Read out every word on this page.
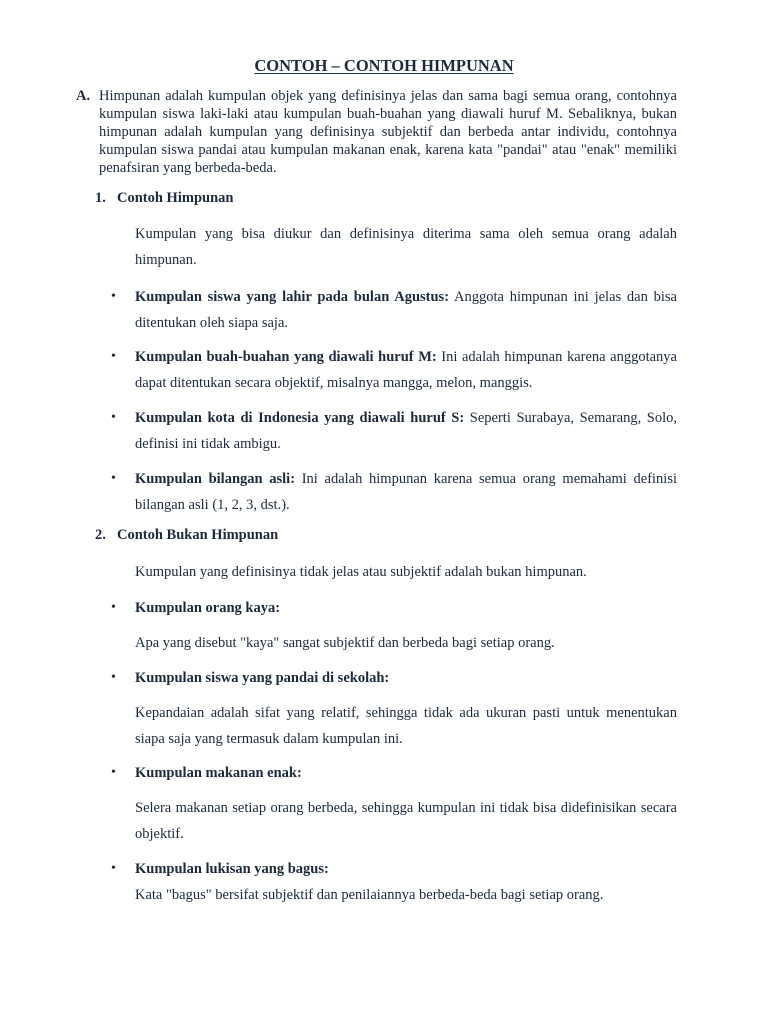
CONTOH – CONTOH HIMPUNAN
A. Himpunan adalah kumpulan objek yang definisinya jelas dan sama bagi semua orang, contohnya kumpulan siswa laki-laki atau kumpulan buah-buahan yang diawali huruf M. Sebaliknya, bukan himpunan adalah kumpulan yang definisinya subjektif dan berbeda antar individu, contohnya kumpulan siswa pandai atau kumpulan makanan enak, karena kata "pandai" atau "enak" memiliki penafsiran yang berbeda-beda.
1. Contoh Himpunan
Kumpulan yang bisa diukur dan definisinya diterima sama oleh semua orang adalah himpunan.
•	Kumpulan siswa yang lahir pada bulan Agustus: Anggota himpunan ini jelas dan bisa ditentukan oleh siapa saja.
•	Kumpulan buah-buahan yang diawali huruf M: Ini adalah himpunan karena anggotanya dapat ditentukan secara objektif, misalnya mangga, melon, manggis.
•	Kumpulan kota di Indonesia yang diawali huruf S: Seperti Surabaya, Semarang, Solo, definisi ini tidak ambigu.
•	Kumpulan bilangan asli: Ini adalah himpunan karena semua orang memahami definisi bilangan asli (1, 2, 3, dst.).
2. Contoh Bukan Himpunan
Kumpulan yang definisinya tidak jelas atau subjektif adalah bukan himpunan.
•	Kumpulan orang kaya:
Apa yang disebut "kaya" sangat subjektif dan berbeda bagi setiap orang.
•	Kumpulan siswa yang pandai di sekolah:
Kepandaian adalah sifat yang relatif, sehingga tidak ada ukuran pasti untuk menentukan siapa saja yang termasuk dalam kumpulan ini.
•	Kumpulan makanan enak:
Selera makanan setiap orang berbeda, sehingga kumpulan ini tidak bisa didefinisikan secara objektif.
•	Kumpulan lukisan yang bagus:
Kata "bagus" bersifat subjektif dan penilaiannya berbeda-beda bagi setiap orang.
